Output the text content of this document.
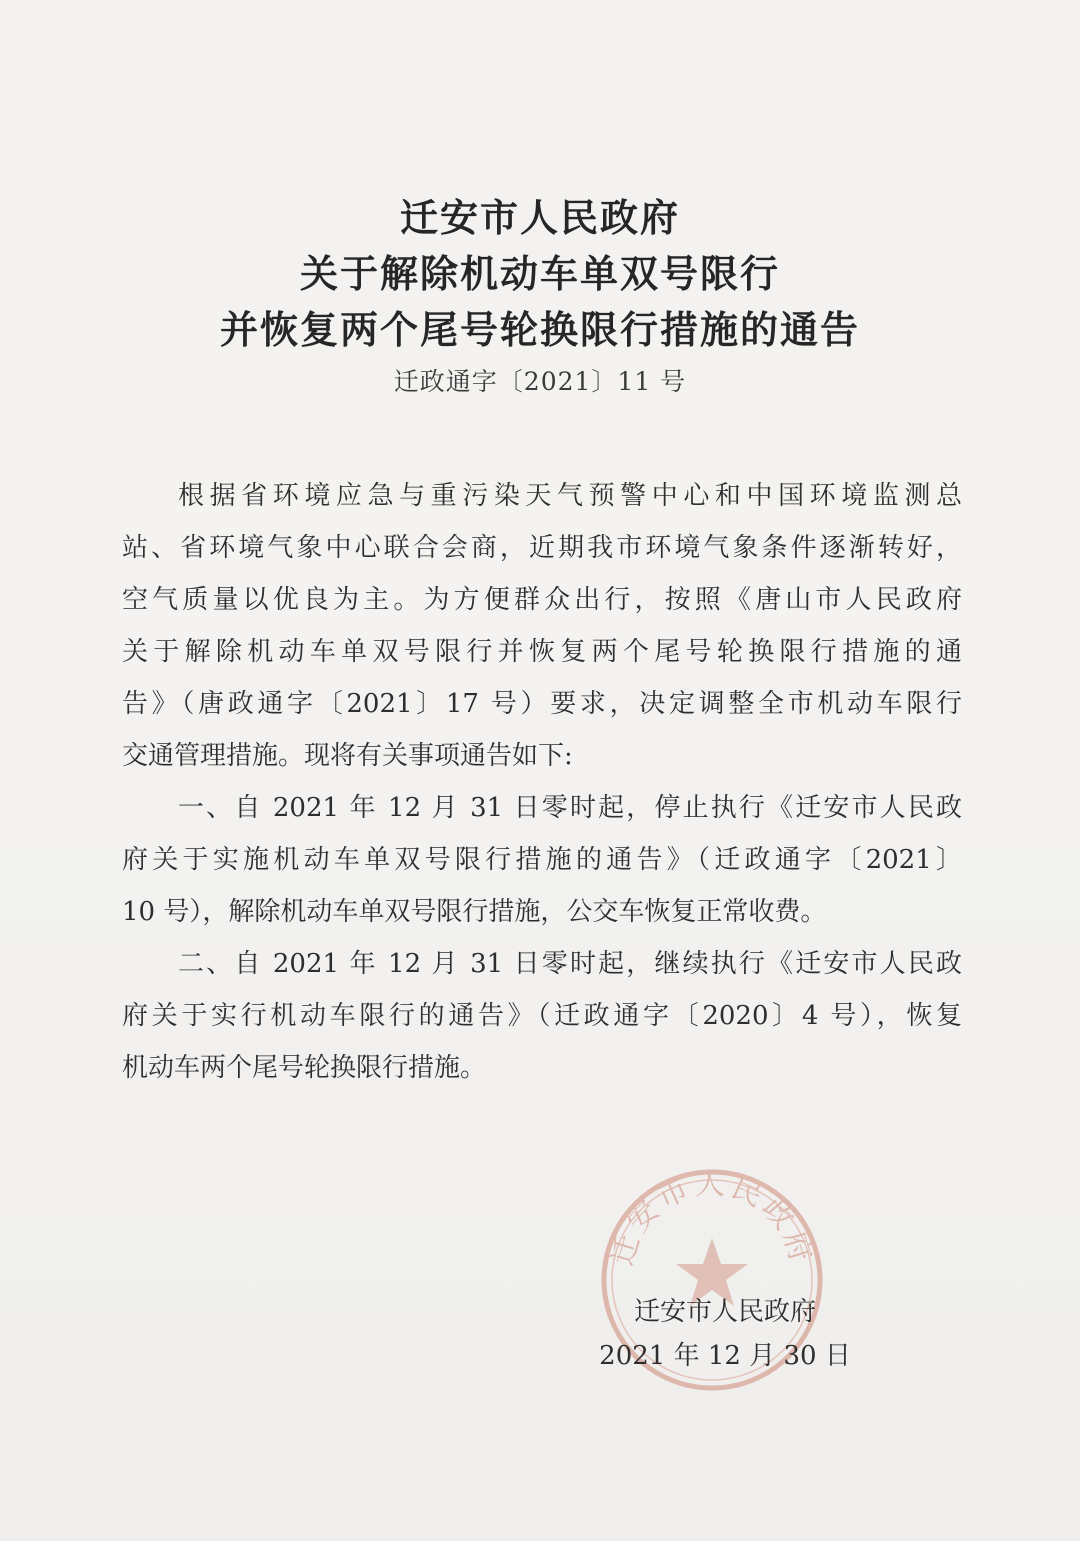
迁安市人民政府
关于解除机动车单双号限行
并恢复两个尾号轮换限行措施的通告
迁政通字〔2021〕11 号
根据省环境应急与重污染天气预警中心和中国环境监测总
站、省环境气象中心联合会商，近期我市环境气象条件逐渐转好，
空气质量以优良为主。为方便群众出行，按照《唐山市人民政府
关于解除机动车单双号限行并恢复两个尾号轮换限行措施的通
告》（唐政通字〔2021〕17 号）要求，决定调整全市机动车限行
交通管理措施。现将有关事项通告如下:
一、自 2021 年 12 月 31 日零时起，停止执行《迁安市人民政
府关于实施机动车单双号限行措施的通告》（迁政通字〔2021〕
10 号），解除机动车单双号限行措施，公交车恢复正常收费。
二、自 2021 年 12 月 31 日零时起，继续执行《迁安市人民政
府关于实行机动车限行的通告》（迁政通字〔2020〕4 号），恢复
机动车两个尾号轮换限行措施。
迁安市人民政府
迁安市人民政府
2021 年 12 月 30 日
